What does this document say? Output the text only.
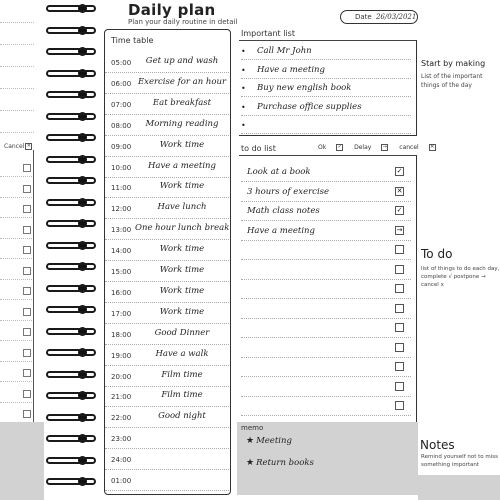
Cancel ✕
Daily plan
Plan your daily routine in detail
Date 26/03/2021
Time table
05:00	Get up and wash
06:00 Exercise for an hour
07:00	Eat breakfast
08:00	Morning reading
09:00	Work time
10:00	Have a meeting
11:00	Work time
12:00	Have lunch
13:00 One hour lunch break
14:00	Work time
15:00	Work time
16:00	Work time
17:00	Work time
18:00	Good Dinner
19:00	Have a walk
20:00	Film time
21:00	Film time
22:00	Good night
23:00
24:00
01:00
Important list
• Call Mr John
• Have a meeting
• Buy new english book
• Purchase office supplies
•
Start by making
List of the important things of the day
to do list	Ok ✓ Delay → cancel ✕
Look at a book	✓
3 hours of exercise	✕
Math class notes	✓
Have a meeting	→
To do
list of things to do each day, complete √ postpone → cancel x
memo
★ Meeting
★ Return books
Notes
Remind yourself not to miss something important
